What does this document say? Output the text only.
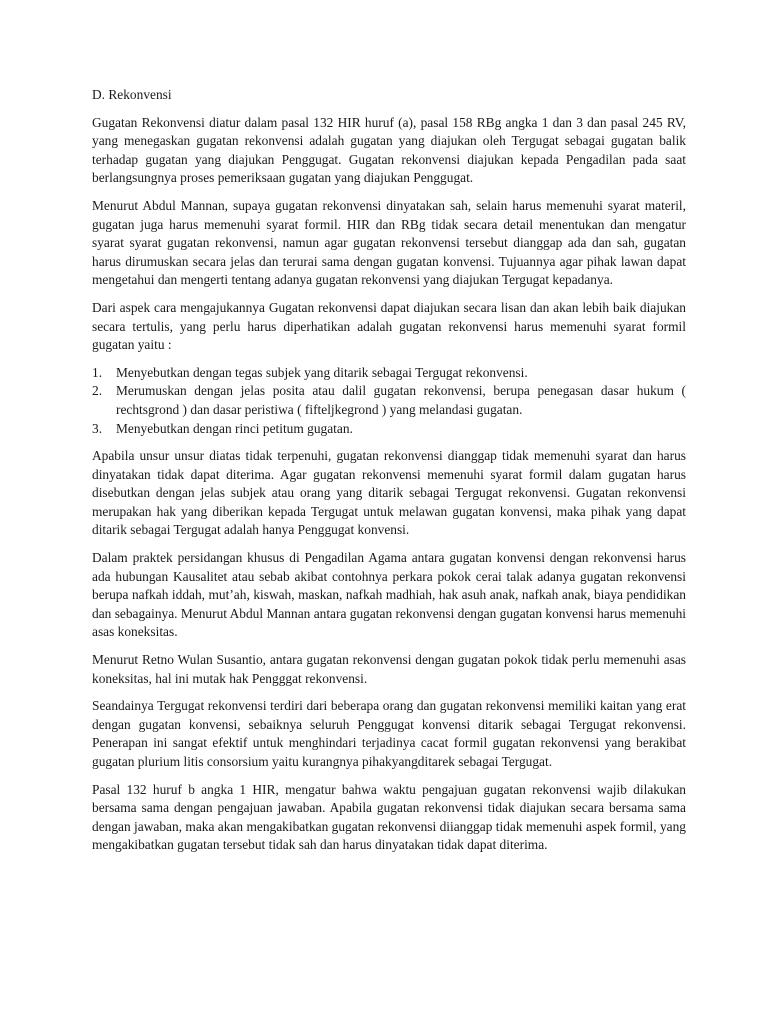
D. Rekonvensi

Gugatan Rekonvensi diatur dalam pasal 132 HIR huruf (a), pasal 158 RBg angka 1 dan 3 dan pasal 245 RV, yang menegaskan gugatan rekonvensi adalah gugatan yang diajukan oleh Tergugat sebagai gugatan balik terhadap gugatan yang diajukan Penggugat. Gugatan rekonvensi diajukan kepada Pengadilan pada saat berlangsungnya proses pemeriksaan gugatan yang diajukan Penggugat.

Menurut Abdul Mannan, supaya gugatan rekonvensi dinyatakan sah, selain harus memenuhi syarat materil, gugatan juga harus memenuhi syarat formil. HIR dan RBg tidak secara detail menentukan dan mengatur syarat syarat gugatan rekonvensi, namun agar gugatan rekonvensi tersebut dianggap ada dan sah, gugatan harus dirumuskan secara jelas dan terurai sama dengan gugatan konvensi. Tujuannya agar pihak lawan dapat mengetahui dan mengerti tentang adanya gugatan rekonvensi yang diajukan Tergugat kepadanya.

Dari aspek cara mengajukannya Gugatan rekonvensi dapat diajukan secara lisan dan akan lebih baik diajukan secara tertulis, yang perlu harus diperhatikan adalah gugatan rekonvensi harus memenuhi syarat formil gugatan yaitu :

1. Menyebutkan dengan tegas subjek yang ditarik sebagai Tergugat rekonvensi.
2. Merumuskan dengan jelas posita atau dalil gugatan rekonvensi, berupa penegasan dasar hukum ( rechtsgrond ) dan dasar peristiwa ( fifteljkegrond ) yang melandasi gugatan.
3. Menyebutkan dengan rinci petitum gugatan.

Apabila unsur unsur diatas tidak terpenuhi, gugatan rekonvensi dianggap tidak memenuhi syarat dan harus dinyatakan tidak dapat diterima. Agar gugatan rekonvensi memenuhi syarat formil dalam gugatan harus disebutkan dengan jelas subjek atau orang yang ditarik sebagai Tergugat rekonvensi. Gugatan rekonvensi merupakan hak yang diberikan kepada Tergugat untuk melawan gugatan konvensi, maka pihak yang dapat ditarik sebagai Tergugat adalah hanya Penggugat konvensi.

Dalam praktek persidangan khusus di Pengadilan Agama antara gugatan konvensi dengan rekonvensi harus ada hubungan Kausalitet atau sebab akibat contohnya perkara pokok cerai talak adanya gugatan rekonvensi berupa nafkah iddah, mut’ah, kiswah, maskan, nafkah madhiah, hak asuh anak, nafkah anak, biaya pendidikan dan sebagainya. Menurut Abdul Mannan antara gugatan rekonvensi dengan gugatan konvensi harus memenuhi asas koneksitas.

Menurut Retno Wulan Susantio, antara gugatan rekonvensi dengan gugatan pokok tidak perlu memenuhi asas koneksitas, hal ini mutak hak Pengggat rekonvensi.

Seandainya Tergugat rekonvensi terdiri dari beberapa orang dan gugatan rekonvensi memiliki kaitan yang erat dengan gugatan konvensi, sebaiknya seluruh Penggugat konvensi ditarik sebagai Tergugat rekonvensi. Penerapan ini sangat efektif untuk menghindari terjadinya cacat formil gugatan rekonvensi yang berakibat gugatan plurium litis consorsium yaitu kurangnya pihakyangditarek sebagai Tergugat.

Pasal 132 huruf b angka 1 HIR, mengatur bahwa waktu pengajuan gugatan rekonvensi wajib dilakukan bersama sama dengan pengajuan jawaban. Apabila gugatan rekonvensi tidak diajukan secara bersama sama dengan jawaban, maka akan mengakibatkan gugatan rekonvensi diianggap tidak memenuhi aspek formil, yang mengakibatkan gugatan tersebut tidak sah dan harus dinyatakan tidak dapat diterima.
